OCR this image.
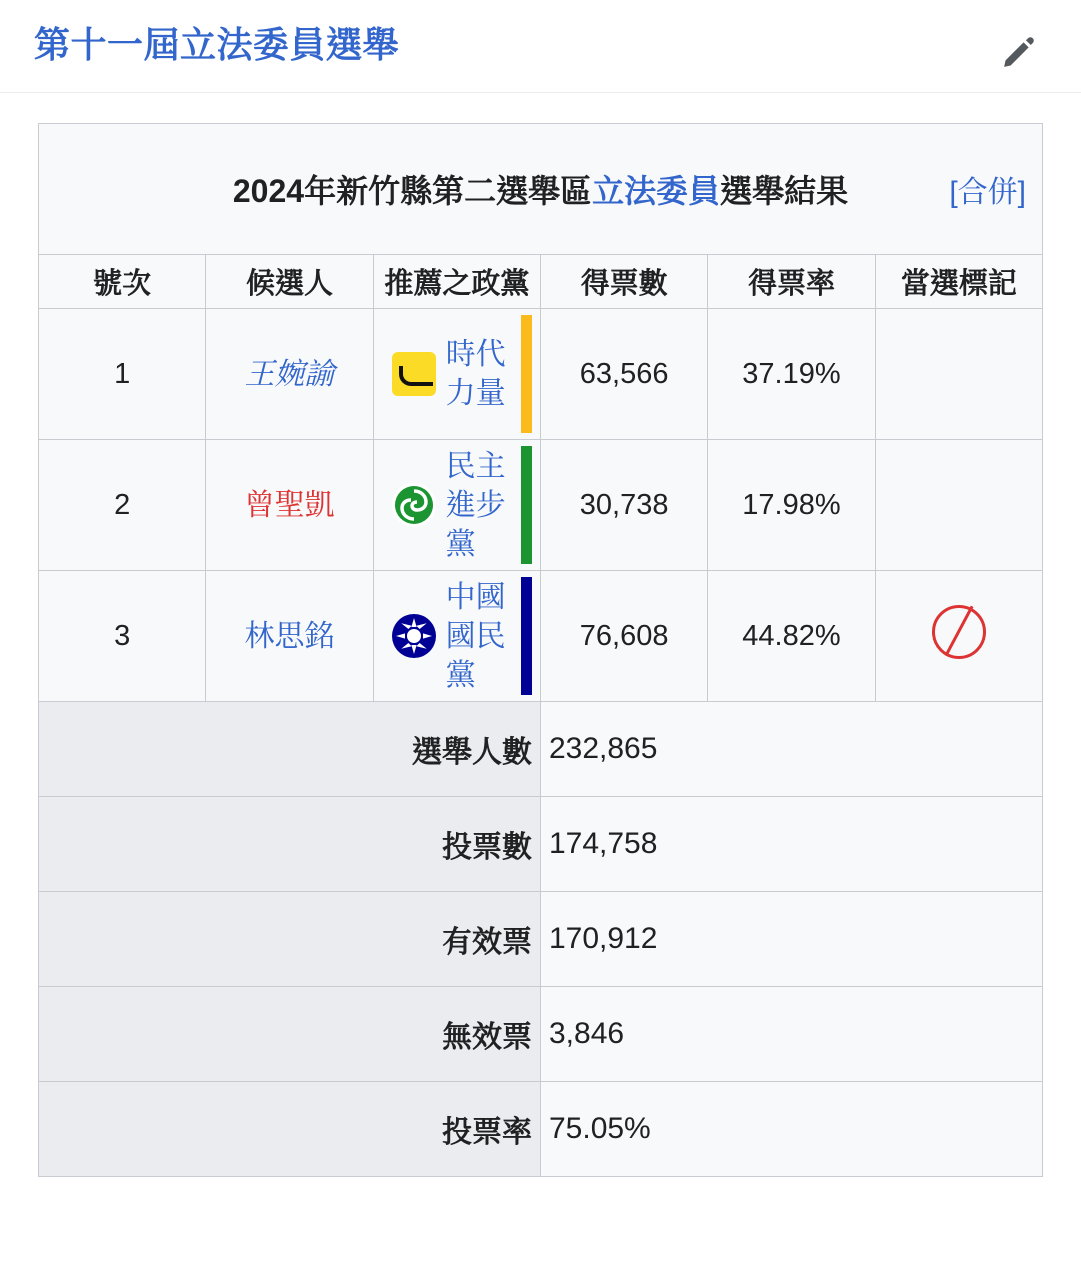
第十一屆立法委員選舉
2024年新竹縣第二選舉區立法委員選舉結果 [合併]					

號次	候選人	推薦之政黨	得票數	得票率	當選標記
1	王婉諭	時代力量	63,566	37.19%	
2	曾聖凱	民主進步黨	30,738	17.98%	
3	林思銘	中國國民黨	76,608	44.82%	
選舉人數			232,865		
投票數			174,758		
有效票			170,912		
無效票			3,846		
投票率			75.05%		
